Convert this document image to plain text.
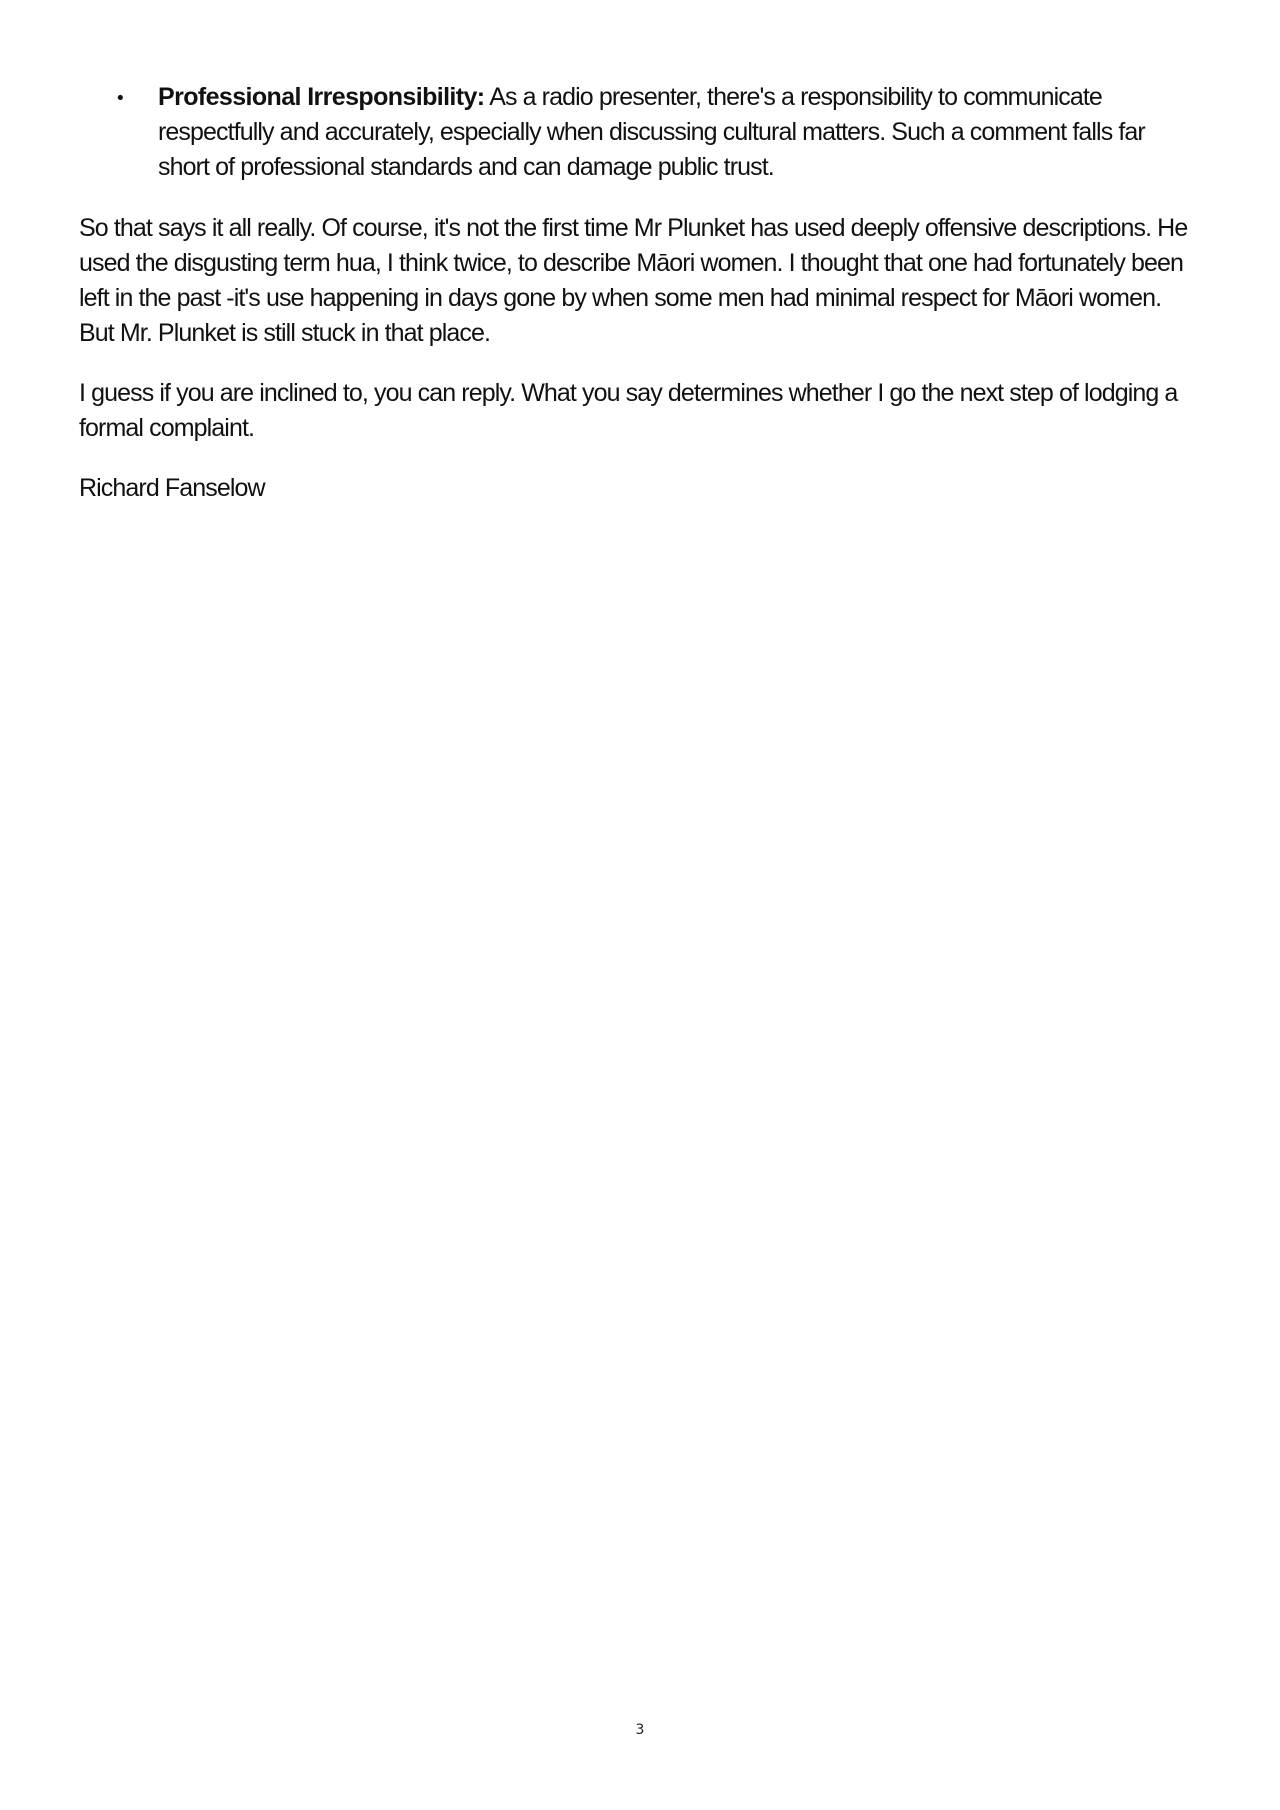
• Professional Irresponsibility: As a radio presenter, there's a responsibility to communicate respectfully and accurately, especially when discussing cultural matters. Such a comment falls far short of professional standards and can damage public trust.

So that says it all really. Of course, it's not the first time Mr Plunket has used deeply offensive descriptions. He used the disgusting term hua, I think twice, to describe Māori women. I thought that one had fortunately been left in the past -it's use happening in days gone by when some men had minimal respect for Māori women. But Mr. Plunket is still stuck in that place.

I guess if you are inclined to, you can reply. What you say determines whether I go the next step of lodging a formal complaint.

Richard Fanselow

3
